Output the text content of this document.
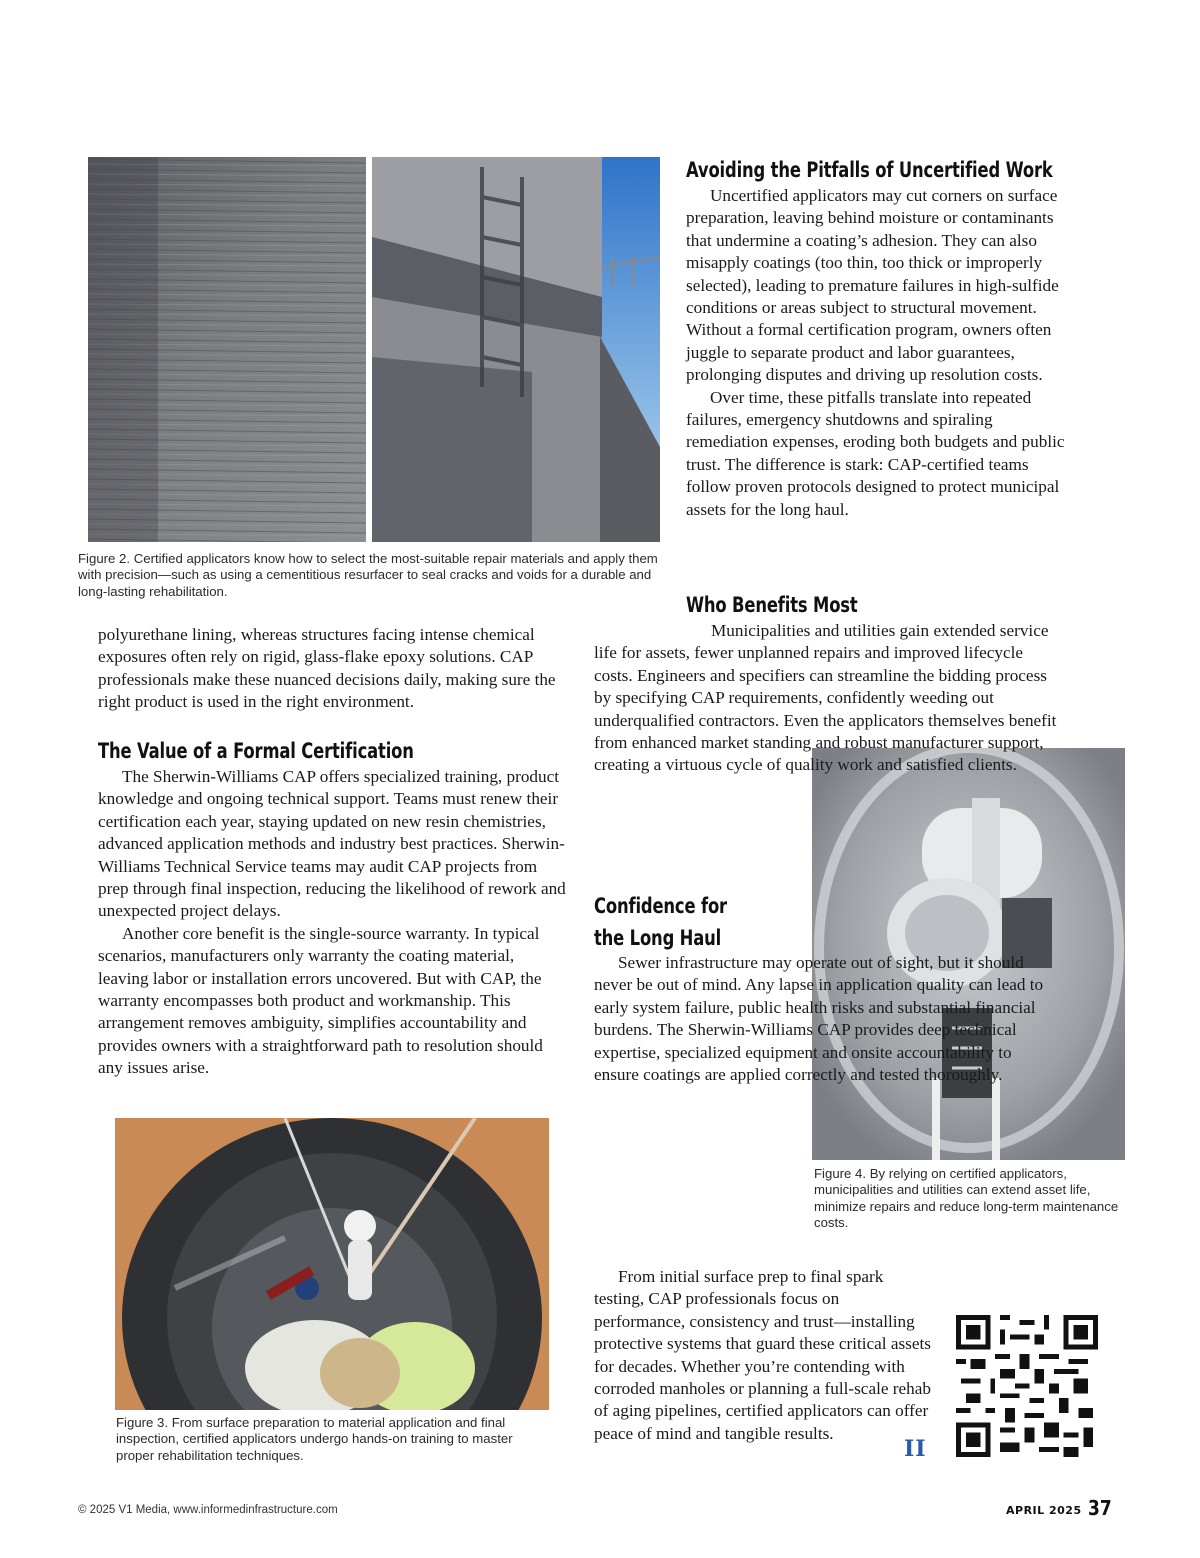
Figure 2. Certified applicators know how to select the most-suitable repair materials and apply them with precision—such as using a cementitious resurfacer to seal cracks and voids for a durable and long-lasting rehabilitation.

polyurethane lining, whereas structures facing intense chemical exposures often rely on rigid, glass-flake epoxy solutions. CAP professionals make these nuanced decisions daily, making sure the right product is used in the right environment.

The Value of a Formal Certification

The Sherwin-Williams CAP offers specialized training, product knowledge and ongoing technical support. Teams must renew their certification each year, staying updated on new resin chemistries, advanced application methods and industry best practices. Sherwin-Williams Technical Service teams may audit CAP projects from prep through final inspection, reducing the likelihood of rework and unexpected project delays.

Another core benefit is the single-source warranty. In typical scenarios, manufacturers only warranty the coating material, leaving labor or installation errors uncovered. But with CAP, the warranty encompasses both product and workmanship. This arrangement removes ambiguity, simplifies accountability and provides owners with a straightforward path to resolution should any issues arise.

Figure 3. From surface preparation to material application and final inspection, certified applicators undergo hands-on training to master proper rehabilitation techniques.
Avoiding the Pitfalls of Uncertified Work

Uncertified applicators may cut corners on surface preparation, leaving behind moisture or contaminants that undermine a coating’s adhesion. They can also misapply coatings (too thin, too thick or improperly selected), leading to premature failures in high-sulfide conditions or areas subject to structural movement. Without a formal certification program, owners often juggle to separate product and labor guarantees, prolonging disputes and driving up resolution costs.

Over time, these pitfalls translate into repeated failures, emergency shutdowns and spiraling remediation expenses, eroding both budgets and public trust. The difference is stark: CAP-certified teams follow proven protocols designed to protect municipal assets for the long haul.

Who Benefits Most

Municipalities and utilities gain extended service life for assets, fewer unplanned repairs and improved lifecycle costs. Engineers and specifiers can streamline the bidding process by specifying CAP requirements, confidently weeding out underqualified contractors. Even the applicators themselves benefit from enhanced market standing and robust manufacturer support, creating a virtuous cycle of quality work and satisfied clients.

Confidence for
the Long Haul

Sewer infrastructure may operate out of sight, but it should never be out of mind. Any lapse in application quality can lead to early system failure, public health risks and substantial financial burdens. The Sherwin-Williams CAP provides deep technical expertise, specialized equipment and onsite accountability to ensure coatings are applied correctly and tested thoroughly.

Figure 4. By relying on certified applicators, municipalities and utilities can extend asset life, minimize repairs and reduce long-term maintenance costs.

From initial surface prep to final spark testing, CAP professionals focus on performance, consistency and trust—installing protective systems that guard these critical assets for decades. Whether you’re contending with corroded manholes or planning a full-scale rehab of aging pipelines, certified applicators can offer peace of mind and tangible results.

II
© 2025 V1 Media, www.informedinfrastructure.com	APRIL 2025 37
